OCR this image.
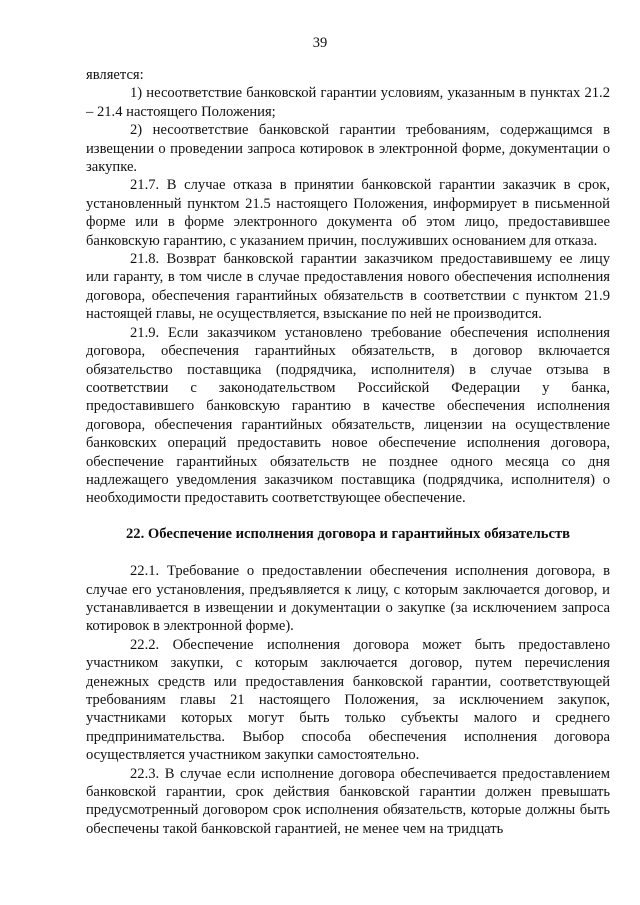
39

является:

1) несоответствие банковской гарантии условиям, указанным в пунктах 21.2 – 21.4 настоящего Положения;

2) несоответствие банковской гарантии требованиям, содержащимся в извещении о проведении запроса котировок в электронной форме, документации о закупке.

21.7. В случае отказа в принятии банковской гарантии заказчик в срок, установленный пунктом 21.5 настоящего Положения, информирует в письменной форме или в форме электронного документа об этом лицо, предоставившее банковскую гарантию, с указанием причин, послуживших основанием для отказа.

21.8. Возврат банковской гарантии заказчиком предоставившему ее лицу или гаранту, в том числе в случае предоставления нового обеспечения исполнения договора, обеспечения гарантийных обязательств в соответствии с пунктом 21.9 настоящей главы, не осуществляется, взыскание по ней не производится.

21.9. Если заказчиком установлено требование обеспечения исполнения договора, обеспечения гарантийных обязательств, в договор включается обязательство поставщика (подрядчика, исполнителя) в случае отзыва в соответствии с законодательством Российской Федерации у банка, предоставившего банковскую гарантию в качестве обеспечения исполнения договора, обеспечения гарантийных обязательств, лицензии на осуществление банковских операций предоставить новое обеспечение исполнения договора, обеспечение гарантийных обязательств не позднее одного месяца со дня надлежащего уведомления заказчиком поставщика (подрядчика, исполнителя) о необходимости предоставить соответствующее обеспечение.

22. Обеспечение исполнения договора и гарантийных обязательств

22.1. Требование о предоставлении обеспечения исполнения договора, в случае его установления, предъявляется к лицу, с которым заключается договор, и устанавливается в извещении и документации о закупке (за исключением запроса котировок в электронной форме).

22.2. Обеспечение исполнения договора может быть предоставлено участником закупки, с которым заключается договор, путем перечисления денежных средств или предоставления банковской гарантии, соответствующей требованиям главы 21 настоящего Положения, за исключением закупок, участниками которых могут быть только субъекты малого и среднего предпринимательства. Выбор способа обеспечения исполнения договора осуществляется участником закупки самостоятельно.

22.3. В случае если исполнение договора обеспечивается предоставлением банковской гарантии, срок действия банковской гарантии должен превышать предусмотренный договором срок исполнения обязательств, которые должны быть обеспечены такой банковской гарантией, не менее чем на тридцать
